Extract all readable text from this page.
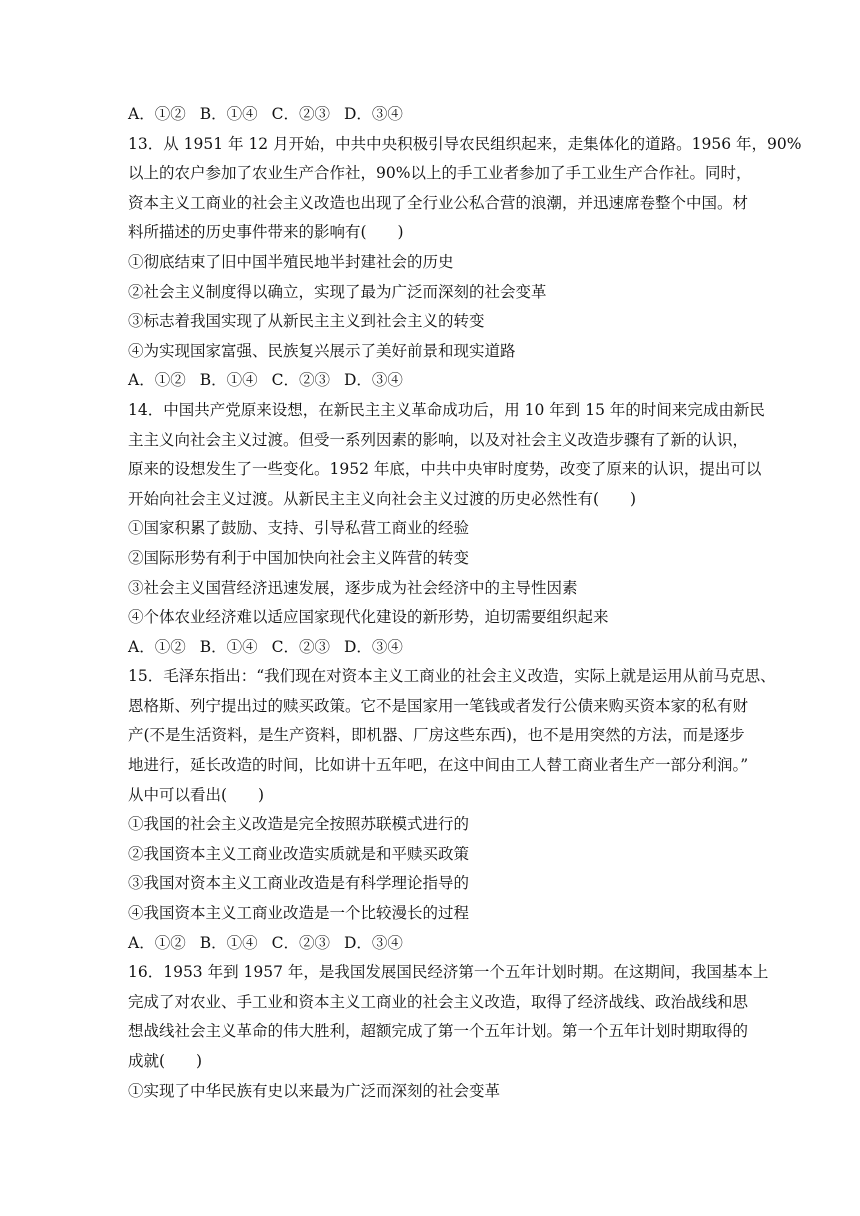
A．①② B．①④ C．②③ D．③④
13．从 1951 年 12 月开始，中共中央积极引导农民组织起来，走集体化的道路。1956 年，90%
以上的农户参加了农业生产合作社，90%以上的手工业者参加了手工业生产合作社。同时，
资本主义工商业的社会主义改造也出现了全行业公私合营的浪潮，并迅速席卷整个中国。材
料所描述的历史事件带来的影响有(　　)
①彻底结束了旧中国半殖民地半封建社会的历史
②社会主义制度得以确立，实现了最为广泛而深刻的社会变革
③标志着我国实现了从新民主主义到社会主义的转变
④为实现国家富强、民族复兴展示了美好前景和现实道路
A．①② B．①④ C．②③ D．③④
14．中国共产党原来设想，在新民主主义革命成功后，用 10 年到 15 年的时间来完成由新民
主主义向社会主义过渡。但受一系列因素的影响，以及对社会主义改造步骤有了新的认识，
原来的设想发生了一些变化。1952 年底，中共中央审时度势，改变了原来的认识，提出可以
开始向社会主义过渡。从新民主主义向社会主义过渡的历史必然性有(　　)
①国家积累了鼓励、支持、引导私营工商业的经验
②国际形势有利于中国加快向社会主义阵营的转变
③社会主义国营经济迅速发展，逐步成为社会经济中的主导性因素
④个体农业经济难以适应国家现代化建设的新形势，迫切需要组织起来
A．①② B．①④ C．②③ D．③④
15．毛泽东指出：“我们现在对资本主义工商业的社会主义改造，实际上就是运用从前马克思、
恩格斯、列宁提出过的赎买政策。它不是国家用一笔钱或者发行公债来购买资本家的私有财
产(不是生活资料，是生产资料，即机器、厂房这些东西)，也不是用突然的方法，而是逐步
地进行，延长改造的时间，比如讲十五年吧，在这中间由工人替工商业者生产一部分利润。”
从中可以看出(　　)
①我国的社会主义改造是完全按照苏联模式进行的
②我国资本主义工商业改造实质就是和平赎买政策
③我国对资本主义工商业改造是有科学理论指导的
④我国资本主义工商业改造是一个比较漫长的过程
A．①② B．①④ C．②③ D．③④
16．1953 年到 1957 年，是我国发展国民经济第一个五年计划时期。在这期间，我国基本上
完成了对农业、手工业和资本主义工商业的社会主义改造，取得了经济战线、政治战线和思
想战线社会主义革命的伟大胜利，超额完成了第一个五年计划。第一个五年计划时期取得的
成就(　　)
①实现了中华民族有史以来最为广泛而深刻的社会变革
